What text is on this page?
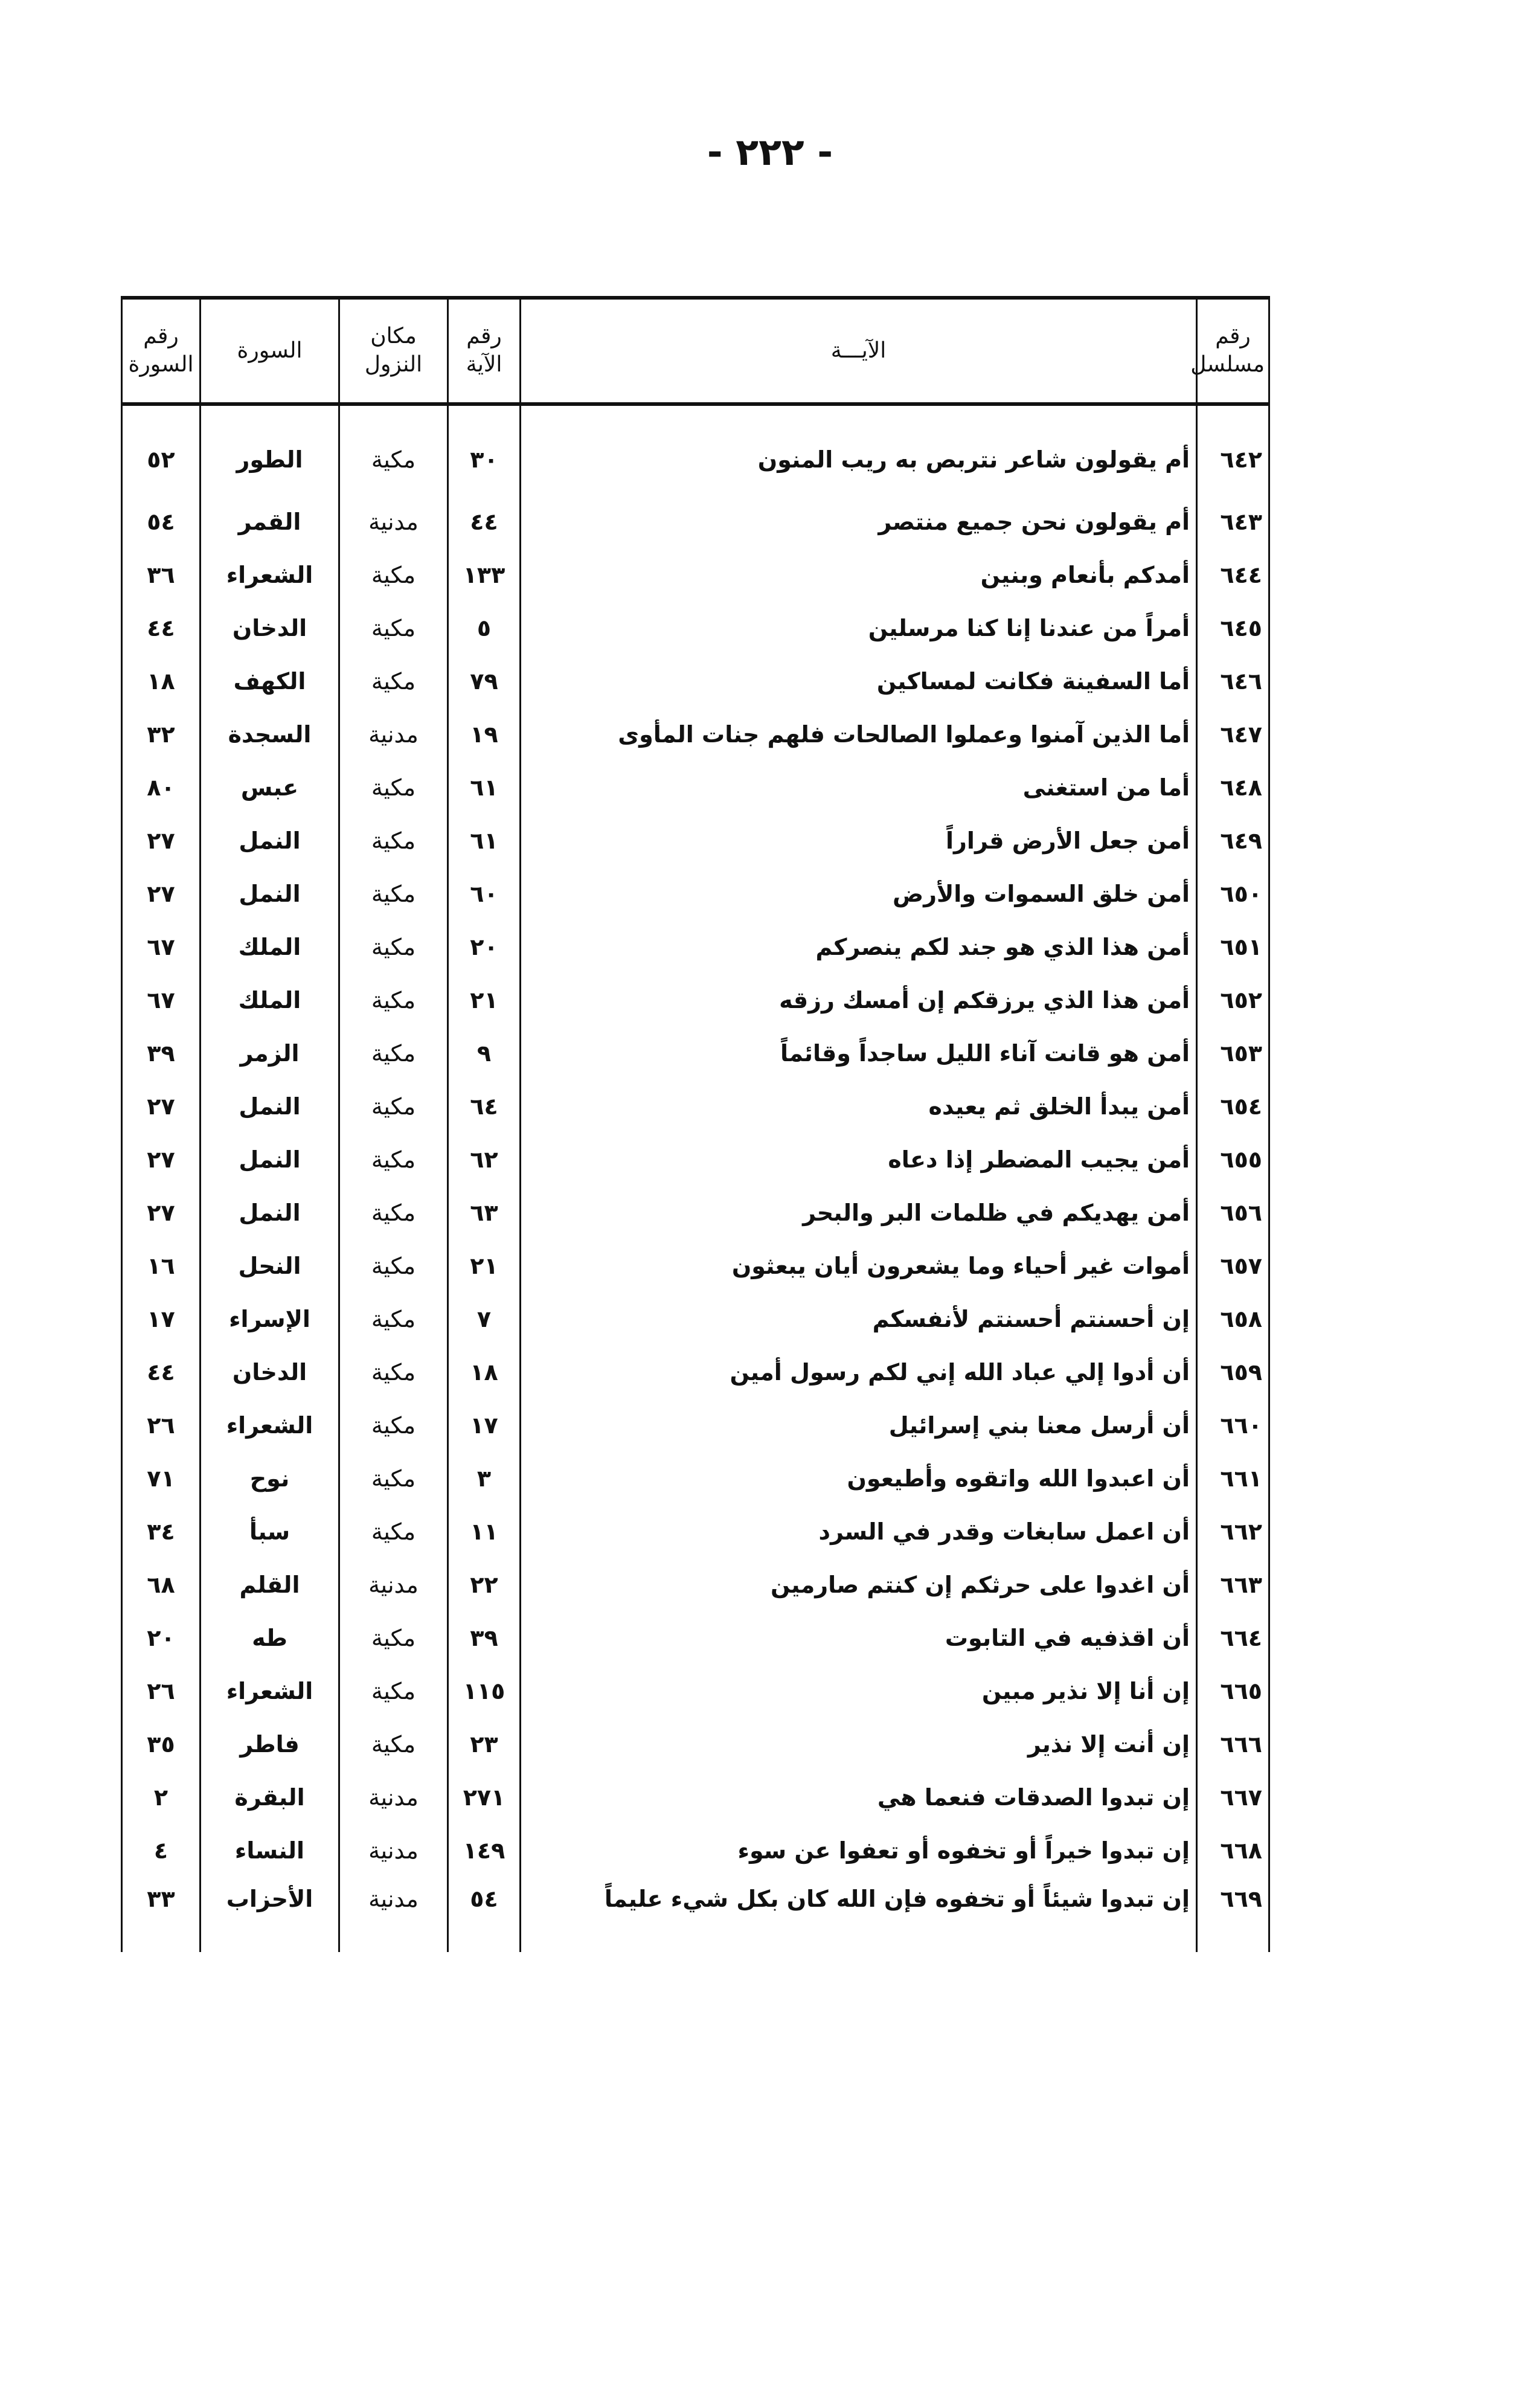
- ٢٢٢ -
رقم مسلسل	الآيـــة	رقم الآية	مكان النزول	السورة	رقم السورة
٦٤٢	أم يقولون شاعر نتربص به ريب المنون	٣٠	مكية	الطور	٥٢
٦٤٣	أم يقولون نحن جميع منتصر	٤٤	مدنية	القمر	٥٤
٦٤٤	أمدكم بأنعام وبنين	١٣٣	مكية	الشعراء	٣٦
٦٤٥	أمراً من عندنا إنا كنا مرسلين	٥	مكية	الدخان	٤٤
٦٤٦	أما السفينة فكانت لمساكين	٧٩	مكية	الكهف	١٨
٦٤٧	أما الذين آمنوا وعملوا الصالحات فلهم جنات المأوى	١٩	مدنية	السجدة	٣٢
٦٤٨	أما من استغنى	٦١	مكية	عبس	٨٠
٦٤٩	أمن جعل الأرض قراراً	٦١	مكية	النمل	٢٧
٦٥٠	أمن خلق السموات والأرض	٦٠	مكية	النمل	٢٧
٦٥١	أمن هذا الذي هو جند لكم ينصركم	٢٠	مكية	الملك	٦٧
٦٥٢	أمن هذا الذي يرزقكم إن أمسك رزقه	٢١	مكية	الملك	٦٧
٦٥٣	أمن هو قانت آناء الليل ساجداً وقائماً	٩	مكية	الزمر	٣٩
٦٥٤	أمن يبدأ الخلق ثم يعيده	٦٤	مكية	النمل	٢٧
٦٥٥	أمن يجيب المضطر إذا دعاه	٦٢	مكية	النمل	٢٧
٦٥٦	أمن يهديكم في ظلمات البر والبحر	٦٣	مكية	النمل	٢٧
٦٥٧	أموات غير أحياء وما يشعرون أيان يبعثون	٢١	مكية	النحل	١٦
٦٥٨	إن أحسنتم أحسنتم لأنفسكم	٧	مكية	الإسراء	١٧
٦٥٩	أن أدوا إلي عباد الله إني لكم رسول أمين	١٨	مكية	الدخان	٤٤
٦٦٠	أن أرسل معنا بني إسرائيل	١٧	مكية	الشعراء	٢٦
٦٦١	أن اعبدوا الله واتقوه وأطيعون	٣	مكية	نوح	٧١
٦٦٢	أن اعمل سابغات وقدر في السرد	١١	مكية	سبأ	٣٤
٦٦٣	أن اغدوا على حرثكم إن كنتم صارمين	٢٢	مدنية	القلم	٦٨
٦٦٤	أن اقذفيه في التابوت	٣٩	مكية	طه	٢٠
٦٦٥	إن أنا إلا نذير مبين	١١٥	مكية	الشعراء	٢٦
٦٦٦	إن أنت إلا نذير	٢٣	مكية	فاطر	٣٥
٦٦٧	إن تبدوا الصدقات فنعما هي	٢٧١	مدنية	البقرة	٢
٦٦٨	إن تبدوا خيراً أو تخفوه أو تعفوا عن سوء	١٤٩	مدنية	النساء	٤
٦٦٩	إن تبدوا شيئاً أو تخفوه فإن الله كان بكل شيء عليماً	٥٤	مدنية	الأحزاب	٣٣
